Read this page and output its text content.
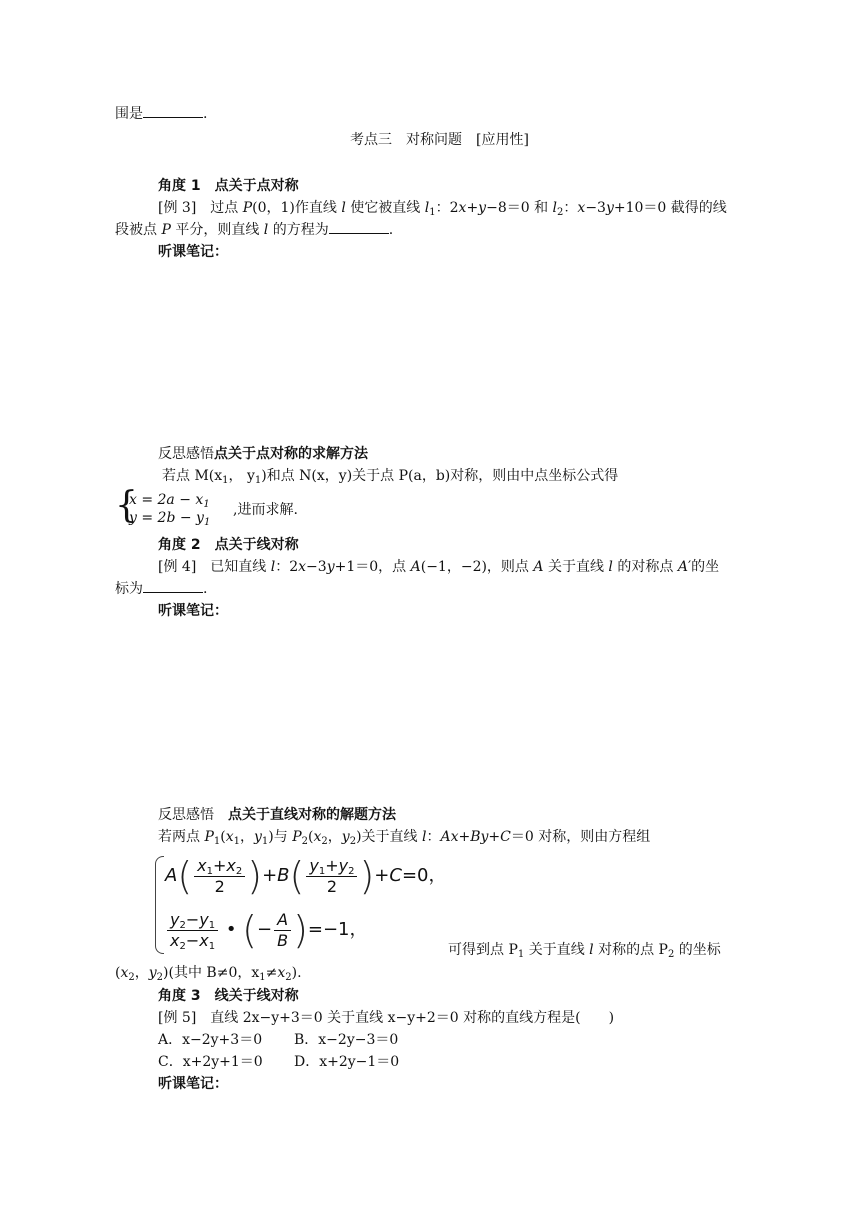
围是	.
考点三　对称问题　[应用性]
角度 1　点关于点对称
[例 3]　过点 P(0，1)作直线 l 使它被直线 $l_1$：2x+y−8＝0 和 $l_2$：x−3y+10＝0 截得的线
段被点 P 平分，则直线 l 的方程为	.
听课笔记：
反思感悟点关于点对称的求解方法
若点 $M(x_1$， $y_1$)和点 N(x，y)关于点 P(a，b)对称，则由中点坐标公式得
{
$x = 2a - x_1$
$y = 2b - y_1$
,进而求解.
角度 2　点关于线对称
[例 4]　已知直线 l：2x−3y+1＝0，点 A(−1，−2)，则点 A 关于直线 l 的对称点 A′的坐
标为	.
听课笔记：
反思感悟　 点关于直线对称的解题方法
若两点 $P_1(x_1$，$y_1$)与 $P_2(x_2$，$y_2$)关于直线 l：Ax+By+C＝0 对称，则由方程组
$A( \frac{x_1+x_2}{2} )+B( \frac{y_1+y_2}{2} )+C=0$，
$\frac{y_2-y_1}{x_2-x_1}$ • (− $\frac{A}{B} )=-1$，
可得到点 $P_1$ 关于直线 l 对称的点 $P_2$ 的坐标
($x_2$，$y_2$)(其中 B≠0，$x_1\ne x_2$).
角度 3　线关于线对称
[例 5]　 直线 2x−y+3＝0 关于直线 x−y+2＝0 对称的直线方程是(　　)
A．x−2y+3＝0 B．x−2y−3＝0
C．x+2y+1＝0 D．x+2y−1＝0
听课笔记：
